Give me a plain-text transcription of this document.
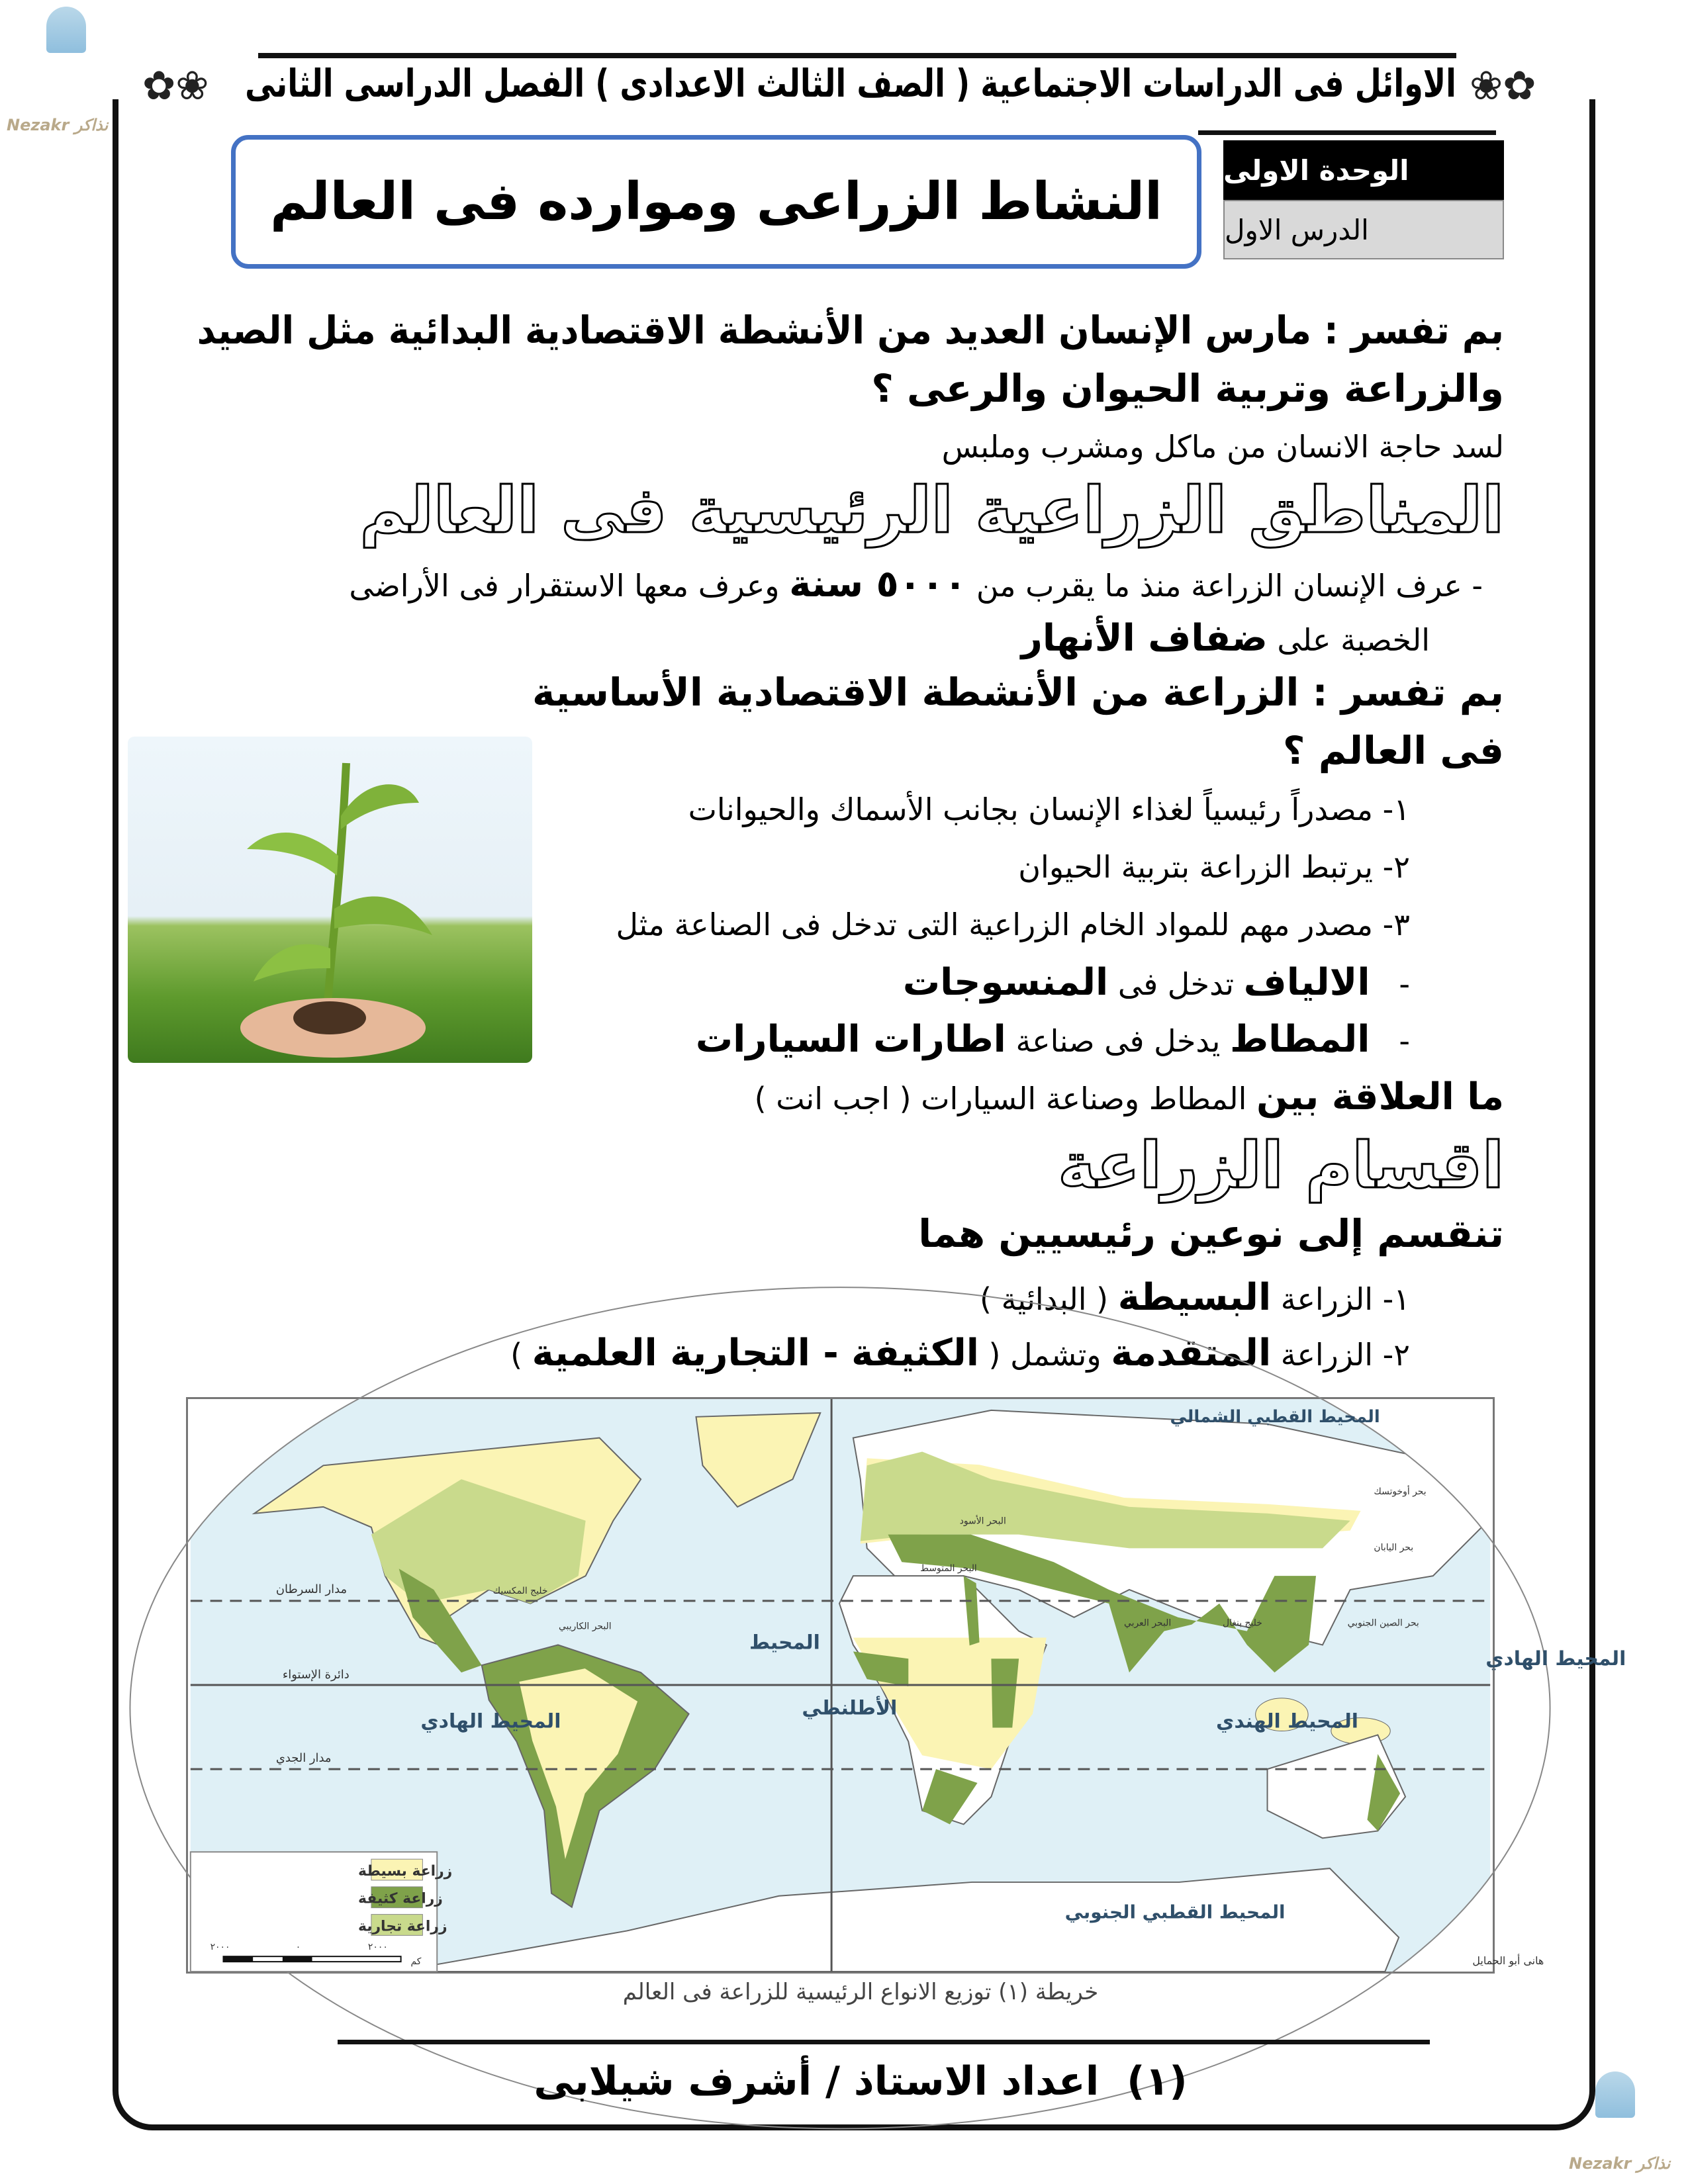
✿❀	❀✿
الاوائل فى الدراسات الاجتماعية ( الصف الثالث الاعدادى ) الفصل الدراسى الثانى
Nezakr نذاكر
Nezakr نذاكر
النشاط الزراعى وموارده فى العالم
الوحدة الاولى
الدرس الاول
بم تفسر : مارس الإنسان العديد من الأنشطة الاقتصادية البدائية مثل الصيد
والزراعة وتربية الحيوان والرعى ؟
لسد حاجة الانسان من ماكل ومشرب وملبس
المناطق الزراعية الرئيسية فى العالم
- عرف الإنسان الزراعة منذ ما يقرب من ٥٠٠٠ سنة وعرف معها الاستقرار فى الأراضى
الخصبة على ضفاف الأنهار
بم تفسر : الزراعة من الأنشطة الاقتصادية الأساسية
فى العالم ؟
١- مصدراً رئيسياً لغذاء الإنسان بجانب الأسماك والحيوانات
٢- يرتبط الزراعة بتربية الحيوان
٣- مصدر مهم للمواد الخام الزراعية التى تدخل فى الصناعة مثل
-   الالياف تدخل فى المنسوجات
-   المطاط يدخل فى صناعة اطارات السيارات
ما العلاقة بين المطاط وصناعة السيارات ( اجب انت )
اقسام الزراعة
تنقسم إلى نوعين رئيسيين هما
١- الزراعة البسيطة ( البدائية )
٢- الزراعة المتقدمة وتشمل ( الكثيفة - التجارية العلمية )
المحيط القطبي الشمالي
المحيط
الأطلنطي
المحيط الهادي
المحيط الهادي
المحيط الهندي
المحيط القطبي الجنوبي
مدار السرطان
دائرة الإستواء
مدار الجدي
خليج المكسيك
البحر الكاريبي
البحر المتوسط
البحر الأسود
البحر العربي	خليج بنغال	بحر الصين الجنوبي
بحر اليابان
بحر أوخوتسك
هانى أبو الحمايل
زراعة بسيطة
زراعة كثيفة
زراعة تجارية
٢٠٠٠	٠	٢٠٠٠
كم
خريطة (١) توزيع الانواع الرئيسية للزراعة فى العالم
(١)  اعداد الاستاذ / أشرف شيلابى
